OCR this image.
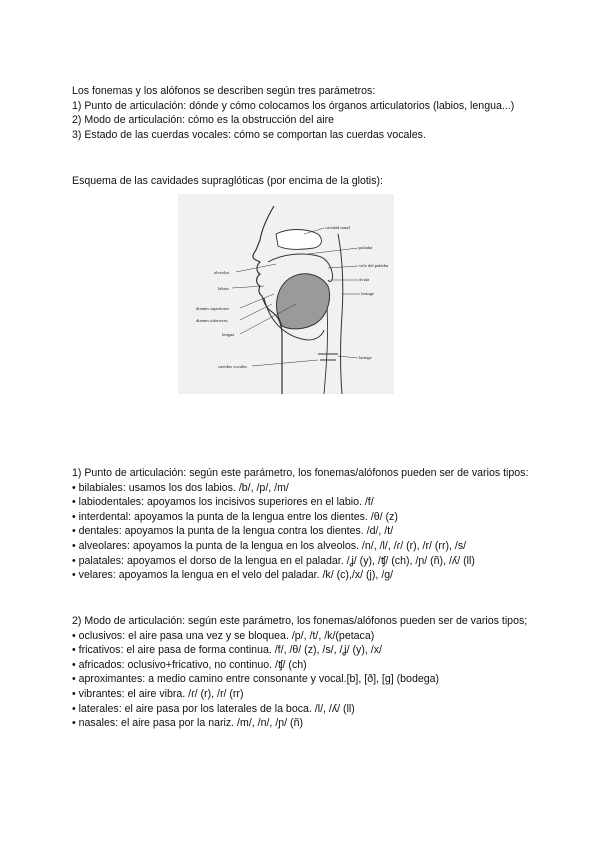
Los fonemas y los alófonos se describen según tres parámetros:

1) Punto de articulación: dónde y cómo colocamos los órganos articulatorios (labios, lengua...)

2) Modo de articulación: cómo es la obstrucción del aire

3) Estado de las cuerdas vocales: cómo se comportan las cuerdas vocales.

Esquema de las cavidades supraglóticas (por encima de la glotis):

cavidad nasal
paladar
velo del paladar
úvula
faringe
laringe
alveolos
labios
dientes superiores
dientes inferiores
lengua
cuerdas vocales

1) Punto de articulación: según este parámetro, los fonemas/alófonos pueden ser de varios tipos:

• bilabiales: usamos los dos labios. /b/, /p/, /m/

• labiodentales: apoyamos los incisivos superiores en el labio. /f/

• interdental: apoyamos la punta de la lengua entre los dientes. /θ/ (z)

• dentales: apoyamos la punta de la lengua contra los dientes. /d/, /t/

• alveolares: apoyamos la punta de la lengua en los alveolos. /n/, /l/, /ɾ/ (r), /r/ (rr), /s/

• palatales: apoyamos el dorso de la lengua en el paladar. /ʝ/ (y), /ʧ/ (ch), /ɲ/ (ñ), /ʎ/ (ll)

• velares: apoyamos la lengua en el velo del paladar. /k/ (c),/x/ (j), /g/

2) Modo de articulación: según este parámetro, los fonemas/alófonos pueden ser de varios tipos;

• oclusivos: el aire pasa una vez y se bloquea. /p/, /t/, /k/(petaca)

• fricativos: el aire pasa de forma continua. /f/, /θ/ (z), /s/, /ʝ/ (y), /x/

• africados: oclusivo+fricativo, no continuo. /ʧ/ (ch)

• aproximantes: a medio camino entre consonante y vocal.[b], [ð], [g] (bodega)

• vibrantes: el aire vibra. /ɾ/ (r), /r/ (rr)

• laterales: el aire pasa por los laterales de la boca. /l/, /ʎ/ (ll)

• nasales: el aire pasa por la nariz. /m/, /n/, /ɲ/ (ñ)
